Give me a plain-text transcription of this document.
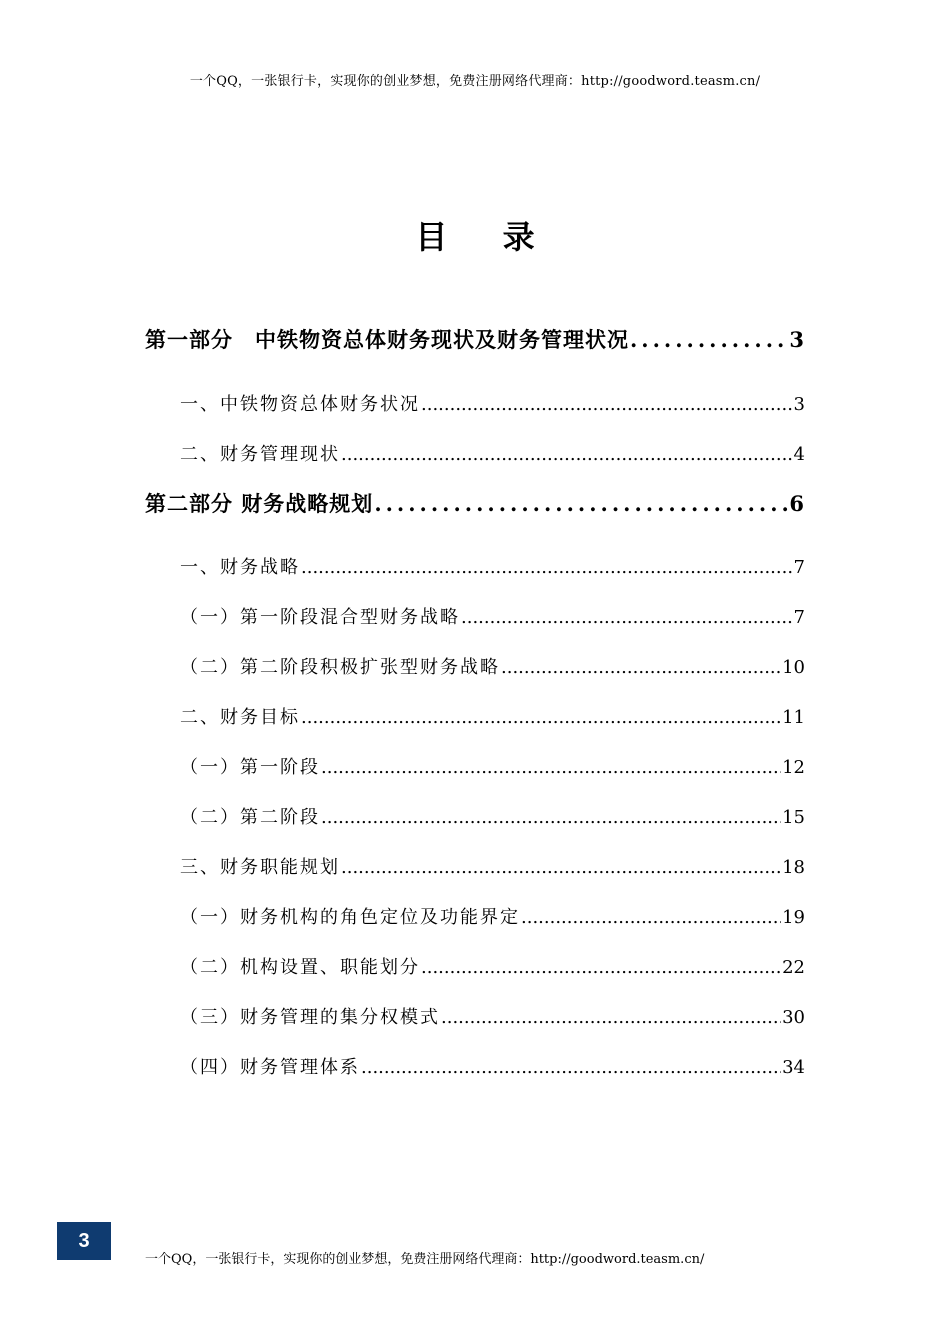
一个QQ，一张银行卡，实现你的创业梦想，免费注册网络代理商：http://goodword.teasm.cn/
目 录
第一部分　中铁物资总体财务现状及财务管理状况 .....	3
一、中铁物资总体财务状况 .....	3
二、财务管理现状 .....	4
第二部分 财务战略规划 .....	6
一、财务战略 .....	7
（一）第一阶段混合型财务战略 .....	7
（二）第二阶段积极扩张型财务战略 .....	10
二、财务目标 .....	11
（一）第一阶段 .....	12
（二）第二阶段 .....	15
三、财务职能规划 .....	18
（一）财务机构的角色定位及功能界定 .....	19
（二）机构设置、职能划分 .....	22
（三）财务管理的集分权模式 .....	30
（四）财务管理体系 .....	34
3
一个QQ，一张银行卡，实现你的创业梦想，免费注册网络代理商：http://goodword.teasm.cn/
